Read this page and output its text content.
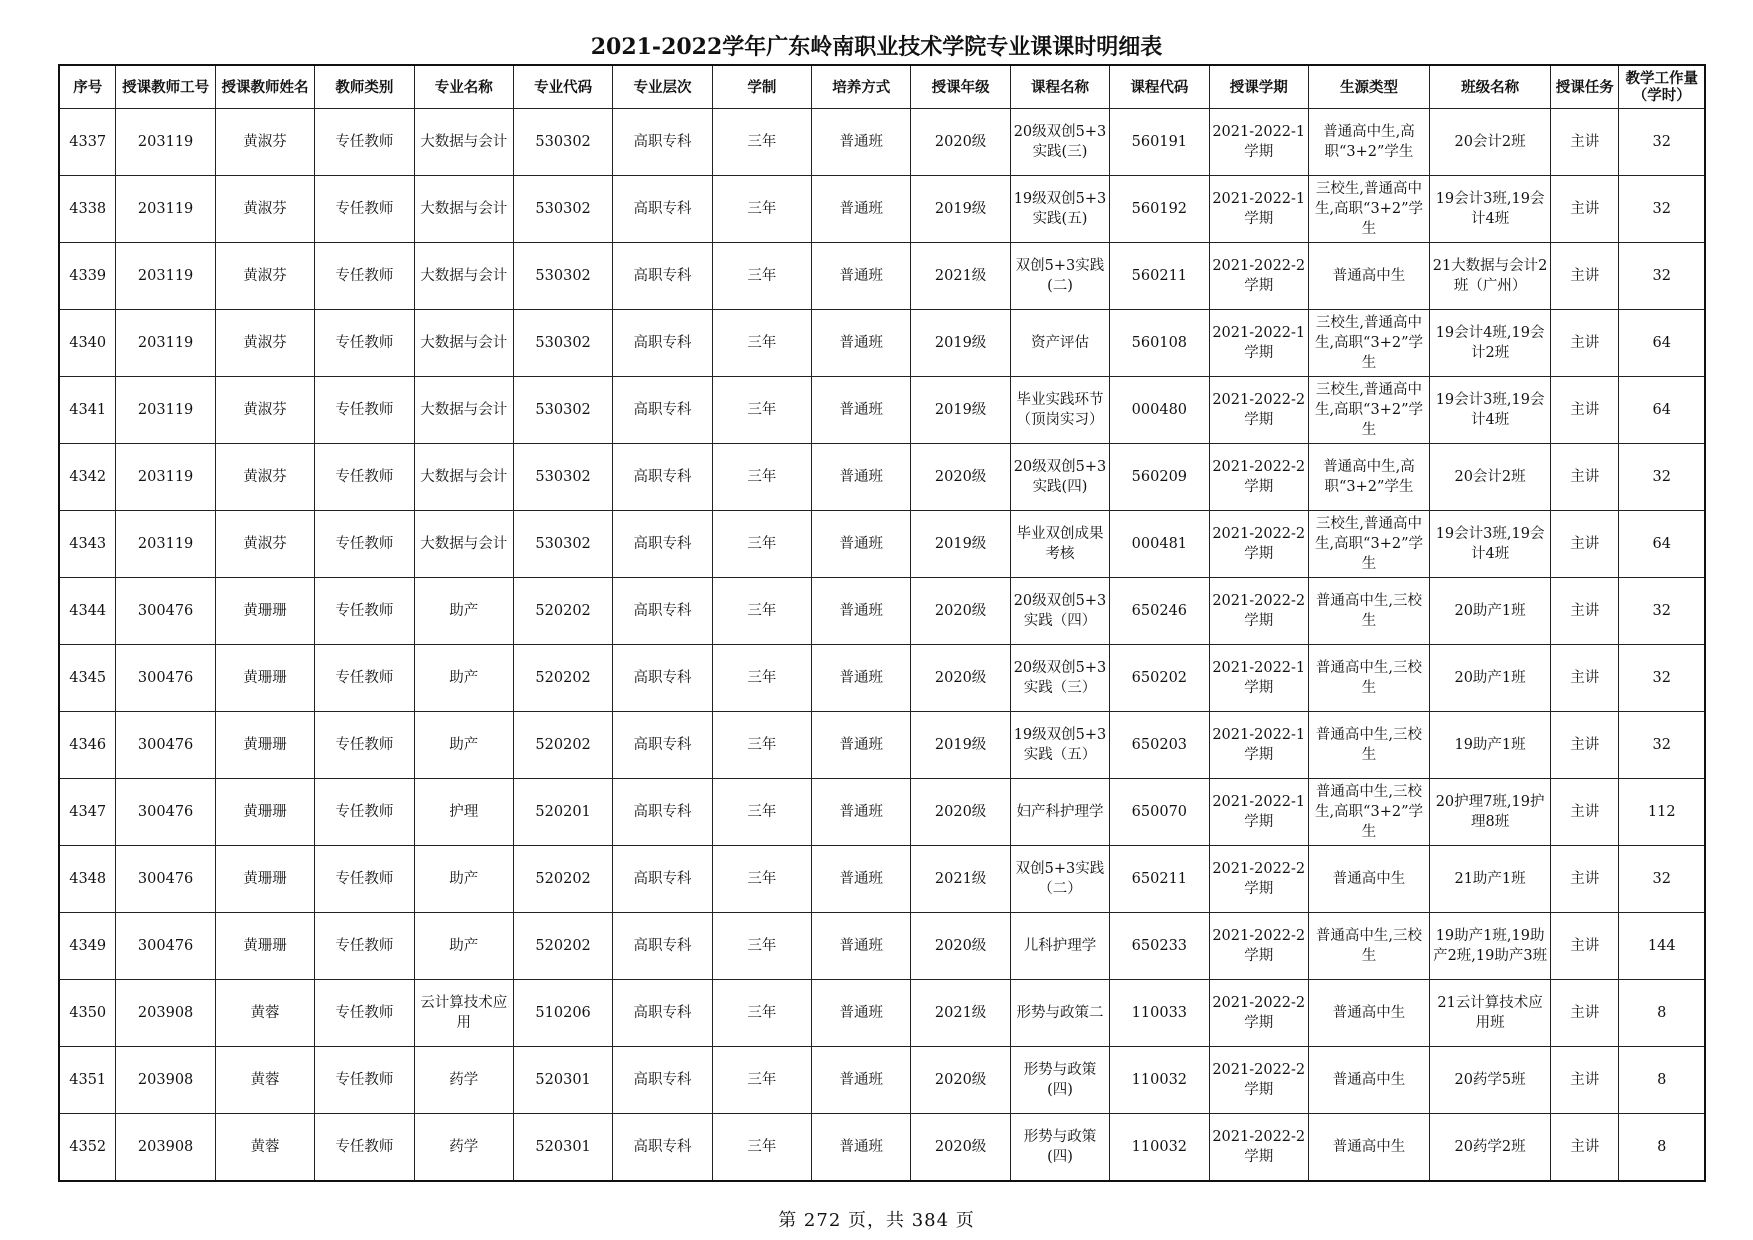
2021-2022学年广东岭南职业技术学院专业课课时明细表
序号	授课教师工号	授课教师姓名	教师类别	专业名称	专业代码	专业层次	学制	培养方式	授课年级	课程名称	课程代码	授课学期	生源类型	班级名称	授课任务	教学工作量（学时）
4337	203119	黄淑芬	专任教师	大数据与会计	530302	高职专科	三年	普通班	2020级	20级双创5+3实践(三)	560191	2021-2022-1学期	普通高中生,高职“3+2”学生	20会计2班	主讲	32
4338	203119	黄淑芬	专任教师	大数据与会计	530302	高职专科	三年	普通班	2019级	19级双创5+3实践(五)	560192	2021-2022-1学期	三校生,普通高中生,高职“3+2”学生	19会计3班,19会计4班	主讲	32
4339	203119	黄淑芬	专任教师	大数据与会计	530302	高职专科	三年	普通班	2021级	双创5+3实践(二)	560211	2021-2022-2学期	普通高中生	21大数据与会计2班（广州）	主讲	32
4340	203119	黄淑芬	专任教师	大数据与会计	530302	高职专科	三年	普通班	2019级	资产评估	560108	2021-2022-1学期	三校生,普通高中生,高职“3+2”学生	19会计4班,19会计2班	主讲	64
4341	203119	黄淑芬	专任教师	大数据与会计	530302	高职专科	三年	普通班	2019级	毕业实践环节（顶岗实习）	000480	2021-2022-2学期	三校生,普通高中生,高职“3+2”学生	19会计3班,19会计4班	主讲	64
4342	203119	黄淑芬	专任教师	大数据与会计	530302	高职专科	三年	普通班	2020级	20级双创5+3实践(四)	560209	2021-2022-2学期	普通高中生,高职“3+2”学生	20会计2班	主讲	32
4343	203119	黄淑芬	专任教师	大数据与会计	530302	高职专科	三年	普通班	2019级	毕业双创成果考核	000481	2021-2022-2学期	三校生,普通高中生,高职“3+2”学生	19会计3班,19会计4班	主讲	64
4344	300476	黄珊珊	专任教师	助产	520202	高职专科	三年	普通班	2020级	20级双创5+3实践（四）	650246	2021-2022-2学期	普通高中生,三校生	20助产1班	主讲	32
4345	300476	黄珊珊	专任教师	助产	520202	高职专科	三年	普通班	2020级	20级双创5+3实践（三）	650202	2021-2022-1学期	普通高中生,三校生	20助产1班	主讲	32
4346	300476	黄珊珊	专任教师	助产	520202	高职专科	三年	普通班	2019级	19级双创5+3实践（五）	650203	2021-2022-1学期	普通高中生,三校生	19助产1班	主讲	32
4347	300476	黄珊珊	专任教师	护理	520201	高职专科	三年	普通班	2020级	妇产科护理学	650070	2021-2022-1学期	普通高中生,三校生,高职“3+2”学生	20护理7班,19护理8班	主讲	112
4348	300476	黄珊珊	专任教师	助产	520202	高职专科	三年	普通班	2021级	双创5+3实践（二）	650211	2021-2022-2学期	普通高中生	21助产1班	主讲	32
4349	300476	黄珊珊	专任教师	助产	520202	高职专科	三年	普通班	2020级	儿科护理学	650233	2021-2022-2学期	普通高中生,三校生	19助产1班,19助产2班,19助产3班	主讲	144
4350	203908	黄蓉	专任教师	云计算技术应用	510206	高职专科	三年	普通班	2021级	形势与政策二	110033	2021-2022-2学期	普通高中生	21云计算技术应用班	主讲	8
4351	203908	黄蓉	专任教师	药学	520301	高职专科	三年	普通班	2020级	形势与政策(四)	110032	2021-2022-2学期	普通高中生	20药学5班	主讲	8
4352	203908	黄蓉	专任教师	药学	520301	高职专科	三年	普通班	2020级	形势与政策(四)	110032	2021-2022-2学期	普通高中生	20药学2班	主讲	8
第 272 页，共 384 页
